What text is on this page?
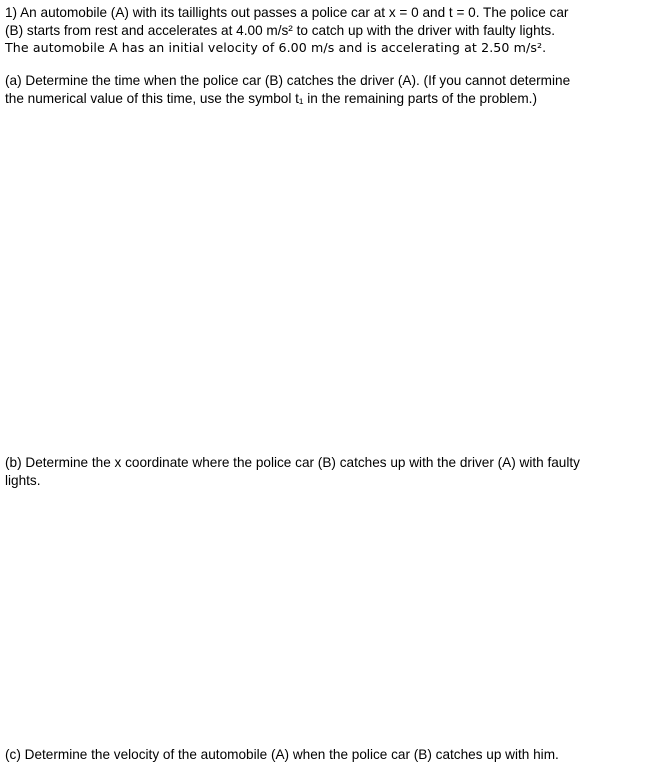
1) An automobile (A) with its taillights out passes a police car at x = 0 and t = 0. The police car
(B) starts from rest and accelerates at 4.00 m/s² to catch up with the driver with faulty lights.
The automobile A has an initial velocity of 6.00 m/s and is accelerating at 2.50 m/s².

(a) Determine the time when the police car (B) catches the driver (A). (If you cannot determine
the numerical value of this time, use the symbol t₁ in the remaining parts of the problem.)

(b) Determine the x coordinate where the police car (B) catches up with the driver (A) with faulty
lights.

(c) Determine the velocity of the automobile (A) when the police car (B) catches up with him.
